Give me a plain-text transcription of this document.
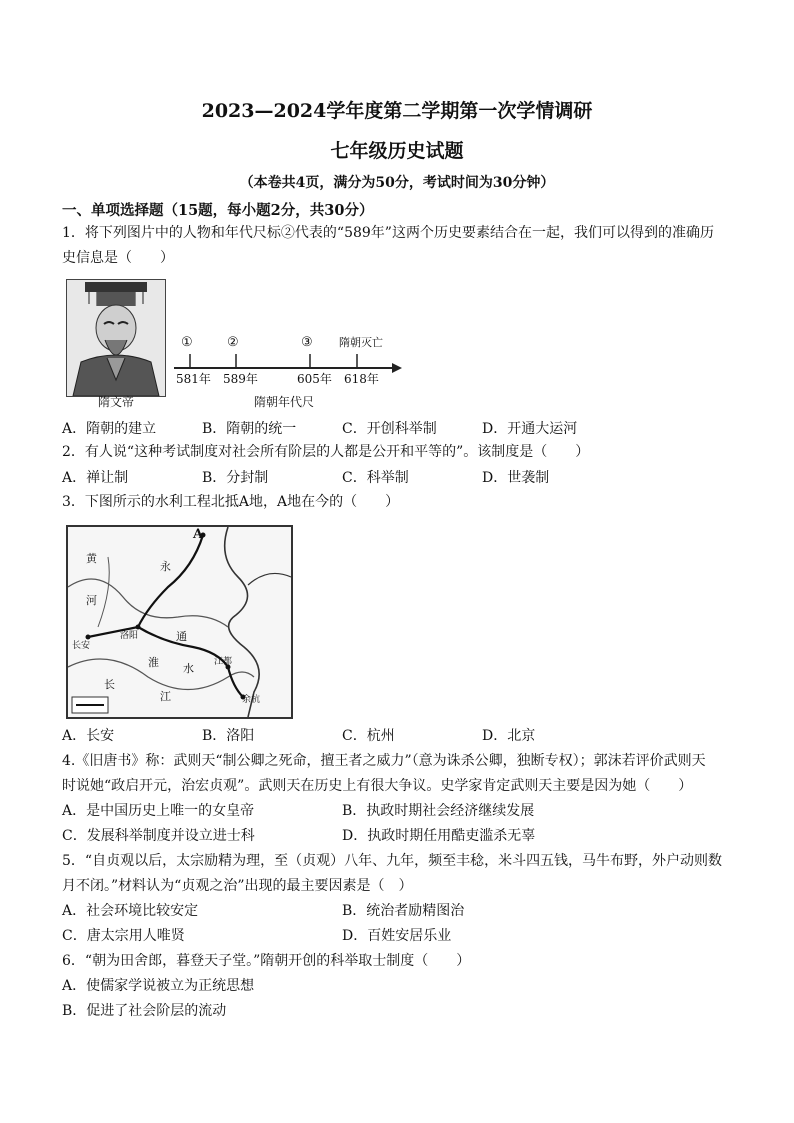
2023—2024学年度第二学期第一次学情调研
七年级历史试题
（本卷共4页，满分为50分，考试时间为30分钟）
一、单项选择题（15题，每小题2分，共30分）
1．将下列图片中的人物和年代尺标②代表的“589年”这两个历史要素结合在一起，我们可以得到的准确历
史信息是（　　）
隋文帝
①	②	③ 隋朝灭亡
581年 589年	605年 618年
隋朝年代尺
A．隋朝的建立	B．隋朝的统一	C．开创科举制	D．开通大运河
2．有人说“这种考试制度对社会所有阶层的人都是公开和平等的”。该制度是（　　）
A．禅让制	B．分封制	C．科举制	D．世袭制
3．下图所示的水利工程北抵A地，A地在今的（　　）
A
黄
河
永
通
淮 水
长
江	余杭
江都
洛阳
长安
A．长安	B．洛阳	C．杭州	D．北京
4.《旧唐书》称：武则天“制公卿之死命，擅王者之威力”（意为诛杀公卿，独断专权）；郭沫若评价武则天
时说她“政启开元，治宏贞观”。武则天在历史上有很大争议。史学家肯定武则天主要是因为她（　　）
A．是中国历史上唯一的女皇帝	B．执政时期社会经济继续发展
C．发展科举制度并设立进士科	D．执政时期任用酷吏滥杀无辜
5．“自贞观以后，太宗励精为理，至（贞观）八年、九年，频至丰稔，米斗四五钱，马牛布野，外户动则数
月不闭。”材料认为“贞观之治”出现的最主要因素是（　）
A．社会环境比较安定	B．统治者励精图治
C．唐太宗用人唯贤	D．百姓安居乐业
6．“朝为田舍郎，暮登天子堂。”隋朝开创的科举取士制度（　　）
A．使儒家学说被立为正统思想
B．促进了社会阶层的流动
